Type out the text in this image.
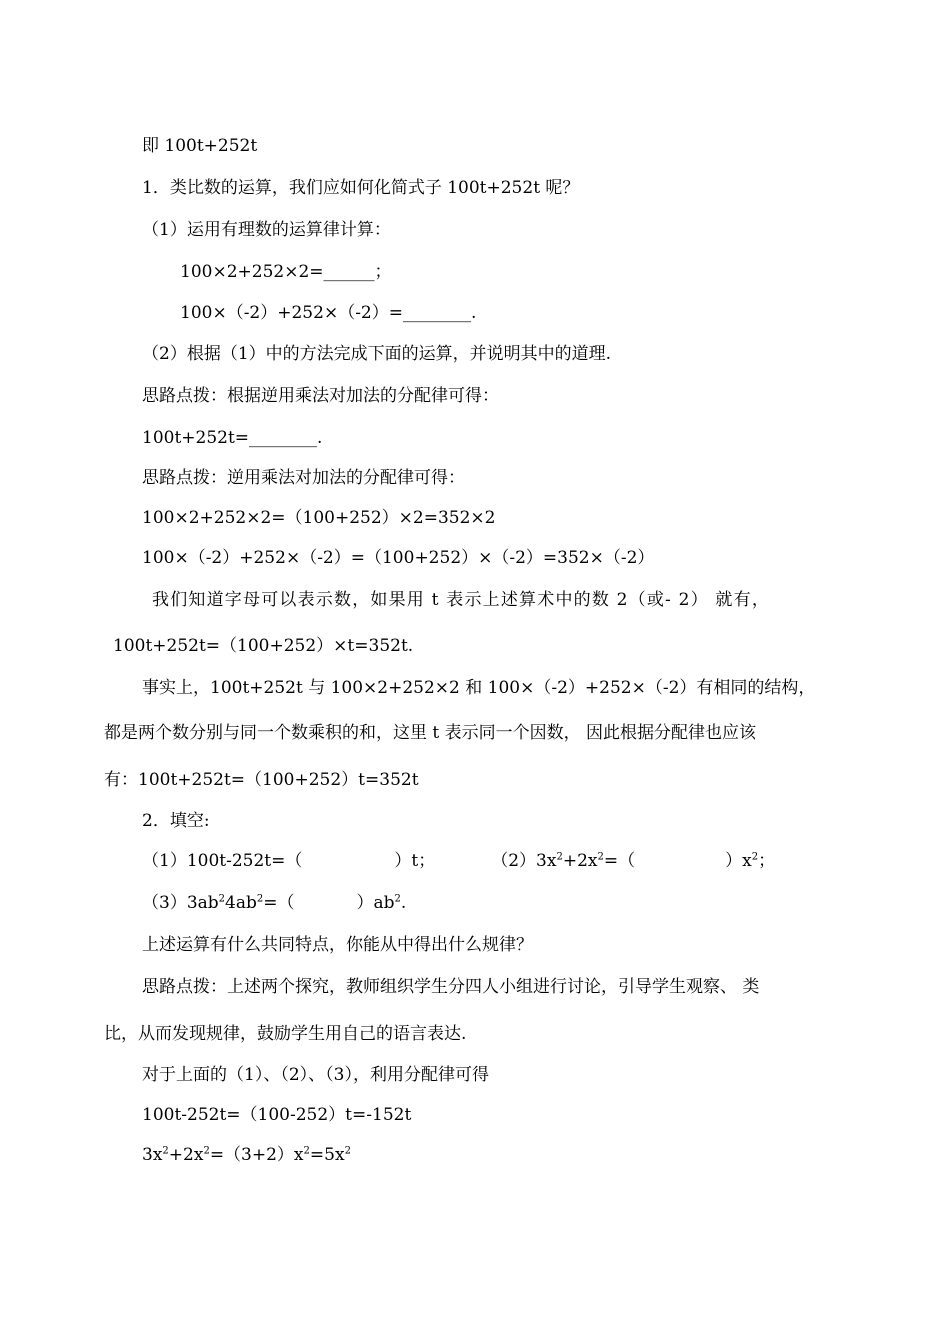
即 100t+252t
1．类比数的运算，我们应如何化简式子 100t+252t 呢？
（1）运用有理数的运算律计算：
100×2+252×2=______；
100×（-2）+252×（-2）=________.
（2）根据（1）中的方法完成下面的运算，并说明其中的道理.
思路点拨：根据逆用乘法对加法的分配律可得：
100t+252t=________.
思路点拨：逆用乘法对加法的分配律可得：
100×2+252×2=（100+252）×2=352×2
100×（-2）+252×（-2）=（100+252）×（-2）=352×（-2）
我们知道字母可以表示数，如果用 t 表示上述算术中的数 2（或- 2） 就有，
100t+252t=（100+252）×t=352t.
事实上，100t+252t 与 100×2+252×2 和 100×（-2）+252×（-2）有相同的结构，
都是两个数分别与同一个数乘积的和，这里 t 表示同一个因数， 因此根据分配律也应该
有：100t+252t=（100+252）t=352t
2．填空:
（1）100t-252t=（	）t；	$(2)3x^2+2x^2=$（	）$x^2$；
$(3)3ab^24ab^2=$（	）$ab^2$.
上述运算有什么共同特点，你能从中得出什么规律？
思路点拨：上述两个探究，教师组织学生分四人小组进行讨论，引导学生观察、 类
比，从而发现规律，鼓励学生用自己的语言表达.
对于上面的（1）、（2）、（3），利用分配律可得
100t-252t=（100-252）t=-152t
$3x^2+2x^2=(3+2)x^2=5x^2$
